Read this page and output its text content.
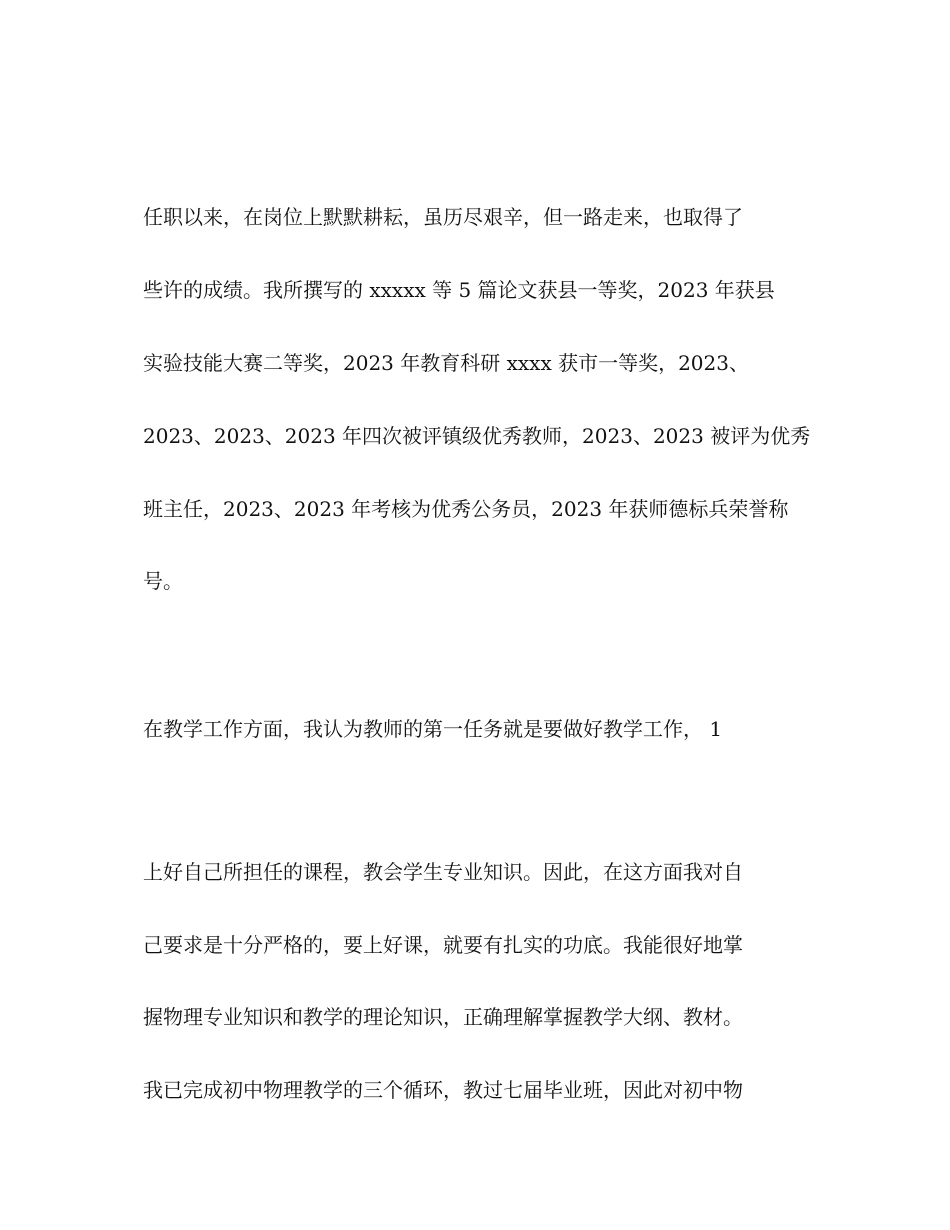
任职以来，在岗位上默默耕耘，虽历尽艰辛，但一路走来，也取得了
些许的成绩。我所撰写的 xxxxx 等 5 篇论文获县一等奖，2023 年获县
实验技能大赛二等奖，2023 年教育科研 xxxx 获市一等奖，2023、
2023、2023、2023 年四次被评镇级优秀教师，2023、2023 被评为优秀
班主任，2023、2023 年考核为优秀公务员，2023 年获师德标兵荣誉称
号。
在教学工作方面，我认为教师的第一任务就是要做好教学工作， 1
上好自己所担任的课程，教会学生专业知识。因此，在这方面我对自
己要求是十分严格的，要上好课，就要有扎实的功底。我能很好地掌
握物理专业知识和教学的理论知识，正确理解掌握教学大纲、教材。
我已完成初中物理教学的三个循环，教过七届毕业班，因此对初中物
